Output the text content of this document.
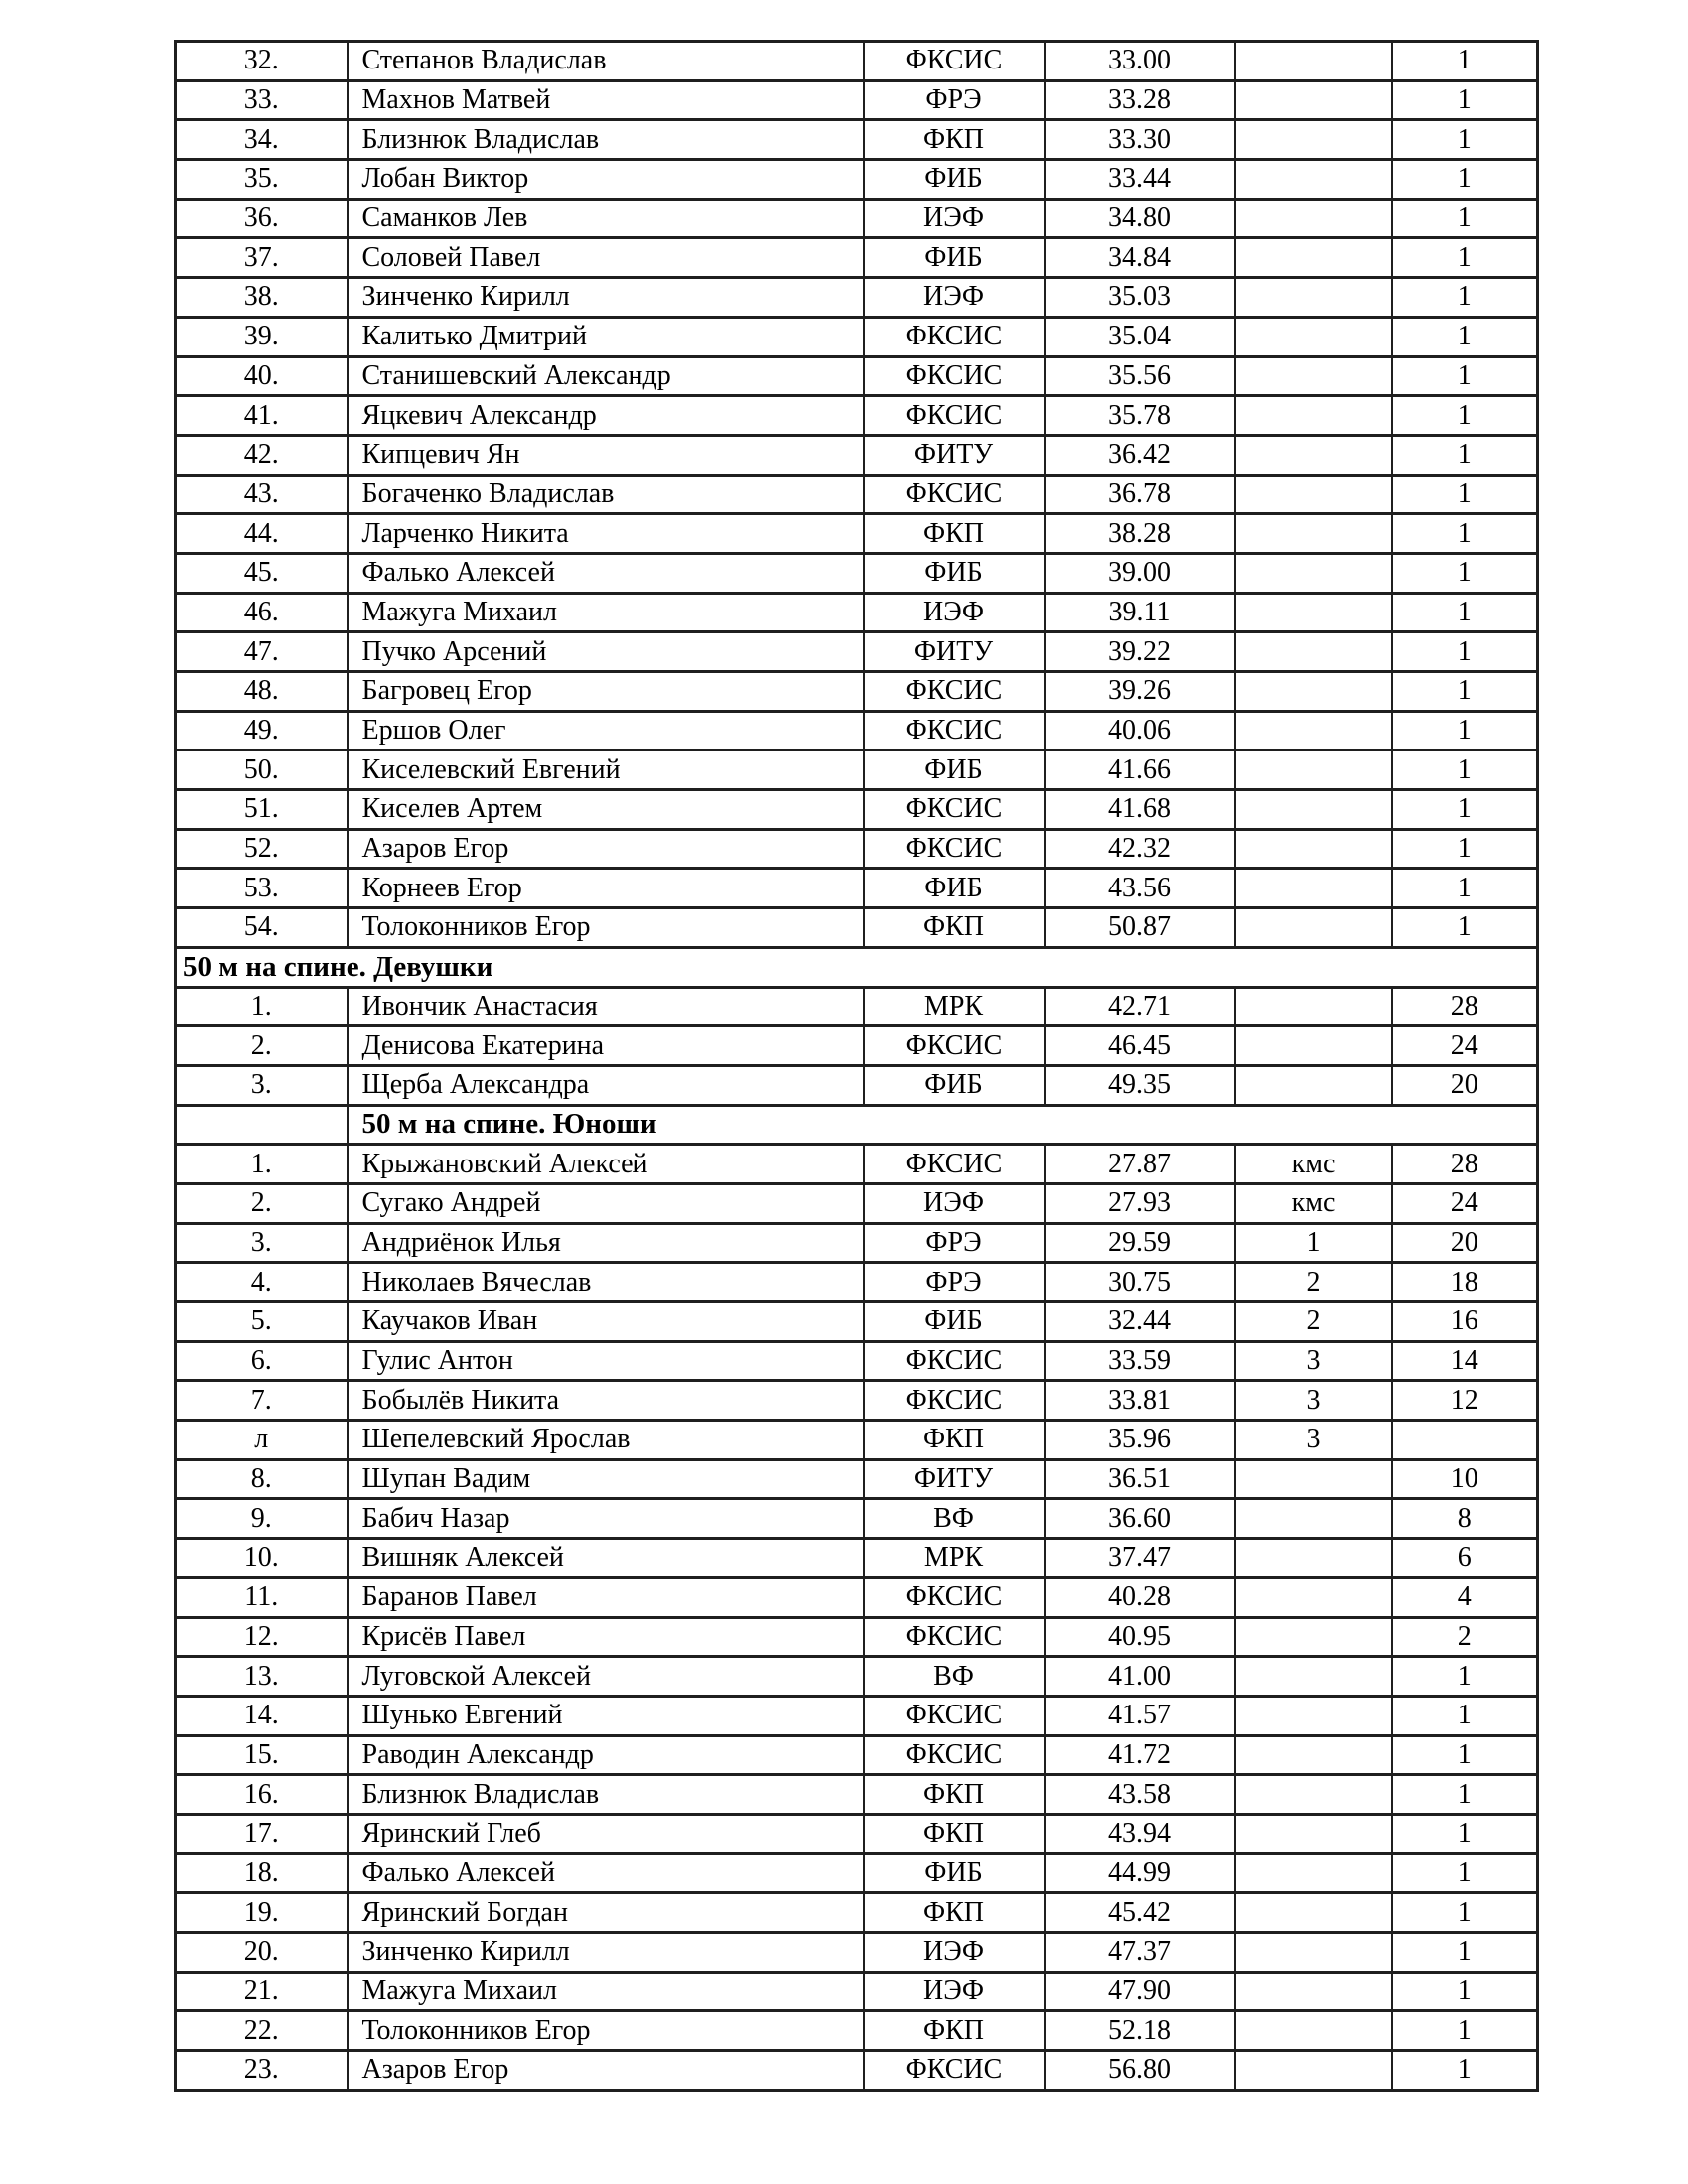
32.	Степанов Владислав	ФКСИС	33.00		1
33.	Махнов Матвей	ФРЭ	33.28		1
34.	Близнюк Владислав	ФКП	33.30		1
35.	Лобан Виктор	ФИБ	33.44		1
36.	Саманков Лев	ИЭФ	34.80		1
37.	Соловей Павел	ФИБ	34.84		1
38.	Зинченко Кирилл	ИЭФ	35.03		1
39.	Калитько Дмитрий	ФКСИС	35.04		1
40.	Станишевский Александр	ФКСИС	35.56		1
41.	Яцкевич Александр	ФКСИС	35.78		1
42.	Кипцевич Ян	ФИТУ	36.42		1
43.	Богаченко Владислав	ФКСИС	36.78		1
44.	Ларченко Никита	ФКП	38.28		1
45.	Фалько Алексей	ФИБ	39.00		1
46.	Мажуга Михаил	ИЭФ	39.11		1
47.	Пучко Арсений	ФИТУ	39.22		1
48.	Багровец Егор	ФКСИС	39.26		1
49.	Ершов Олег	ФКСИС	40.06		1
50.	Киселевский Евгений	ФИБ	41.66		1
51.	Киселев Артем	ФКСИС	41.68		1
52.	Азаров Егор	ФКСИС	42.32		1
53.	Корнеев Егор	ФИБ	43.56		1
54.	Толоконников Егор	ФКП	50.87		1
50 м на спине. Девушки					
1.	Ивончик Анастасия	МРК	42.71		28
2.	Денисова Екатерина	ФКСИС	46.45		24
3.	Щерба Александра	ФИБ	49.35		20
	50 м на спине. Юноши				
1.	Крыжановский Алексей	ФКСИС	27.87	кмс	28
2.	Сугако Андрей	ИЭФ	27.93	кмс	24
3.	Андриёнок Илья	ФРЭ	29.59	1	20
4.	Николаев Вячеслав	ФРЭ	30.75	2	18
5.	Каучаков Иван	ФИБ	32.44	2	16
6.	Гулис Антон	ФКСИС	33.59	3	14
7.	Бобылёв Никита	ФКСИС	33.81	3	12
л	Шепелевский Ярослав	ФКП	35.96	3	
8.	Шупан Вадим	ФИТУ	36.51		10
9.	Бабич Назар	ВФ	36.60		8
10.	Вишняк Алексей	МРК	37.47		6
11.	Баранов Павел	ФКСИС	40.28		4
12.	Крисёв Павел	ФКСИС	40.95		2
13.	Луговской Алексей	ВФ	41.00		1
14.	Шунько Евгений	ФКСИС	41.57		1
15.	Раводин Александр	ФКСИС	41.72		1
16.	Близнюк Владислав	ФКП	43.58		1
17.	Яринский Глеб	ФКП	43.94		1
18.	Фалько Алексей	ФИБ	44.99		1
19.	Яринский Богдан	ФКП	45.42		1
20.	Зинченко Кирилл	ИЭФ	47.37		1
21.	Мажуга Михаил	ИЭФ	47.90		1
22.	Толоконников Егор	ФКП	52.18		1
23.	Азаров Егор	ФКСИС	56.80		1
